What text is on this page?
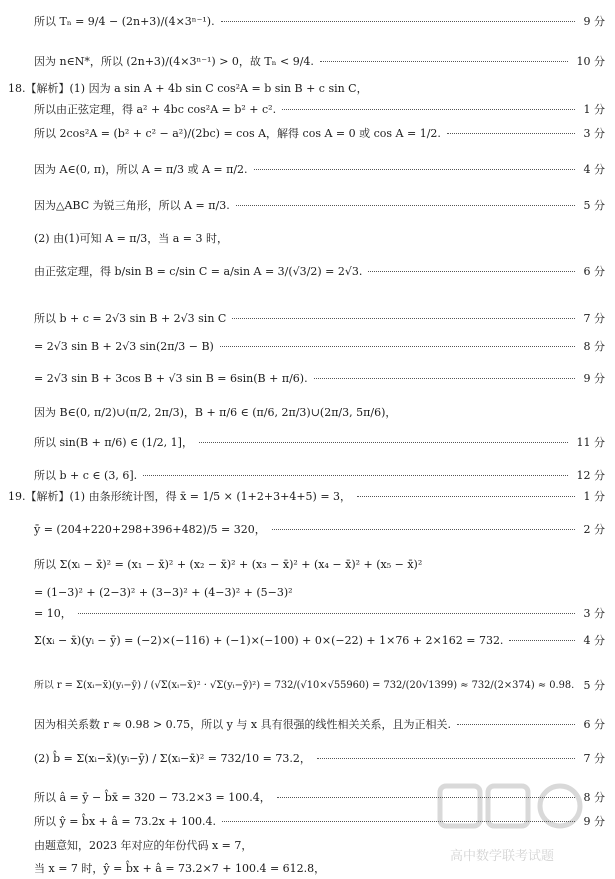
所以 Tₙ = 9/4 − (2n+3)/(4×3ⁿ⁻¹).	9 分
因为 n∈N*，所以 (2n+3)/(4×3ⁿ⁻¹) > 0，故 Tₙ < 9/4.	10 分
18.【解析】(1) 因为 a sin A + 4b sin C cos²A = b sin B + c sin C，
所以由正弦定理，得 a² + 4bc cos²A = b² + c².	1 分
所以 2cos²A = (b² + c² − a²)/(2bc) = cos A，解得 cos A = 0 或 cos A = 1/2.	3 分
因为 A∈(0, π)，所以 A = π/3 或 A = π/2.	4 分
因为△ABC 为锐三角形，所以 A = π/3.	5 分
(2) 由(1)可知 A = π/3，当 a = 3 时，
由正弦定理，得 b/sin B = c/sin C = a/sin A = 3/(√3/2) = 2√3.	6 分
所以 b + c = 2√3 sin B + 2√3 sin C	7 分
= 2√3 sin B + 2√3 sin(2π/3 − B)	8 分
= 2√3 sin B + 3cos B + √3 sin B = 6sin(B + π/6).	9 分
因为 B∈(0, π/2)∪(π/2, 2π/3)，B + π/6 ∈ (π/6, 2π/3)∪(2π/3, 5π/6)，
所以 sin(B + π/6) ∈ (1/2, 1]，	11 分
所以 b + c ∈ (3, 6].	12 分
19.【解析】(1) 由条形统计图，得 x̄ = 1/5 × (1+2+3+4+5) = 3，	1 分
ȳ = (204+220+298+396+482)/5 = 320，	2 分
所以 Σ(xᵢ − x̄)² = (x₁ − x̄)² + (x₂ − x̄)² + (x₃ − x̄)² + (x₄ − x̄)² + (x₅ − x̄)²
= (1−3)² + (2−3)² + (3−3)² + (4−3)² + (5−3)²
= 10，	3 分
Σ(xᵢ − x̄)(yᵢ − ȳ) = (−2)×(−116) + (−1)×(−100) + 0×(−22) + 1×76 + 2×162 = 732.	4 分
所以 r = Σ(xᵢ−x̄)(yᵢ−ȳ) / (√Σ(xᵢ−x̄)² · √Σ(yᵢ−ȳ)²) = 732/(√10×√55960) = 732/(20√1399) ≈ 732/(2×374) ≈ 0.98. 5 分
因为相关系数 r ≈ 0.98 > 0.75，所以 y 与 x 具有很强的线性相关关系，且为正相关.	6 分
(2) b̂ = Σ(xᵢ−x̄)(yᵢ−ȳ) / Σ(xᵢ−x̄)² = 732/10 = 73.2，	7 分
所以 â = ȳ − b̂x̄ = 320 − 73.2×3 = 100.4，	8 分
所以 ŷ = b̂x + â = 73.2x + 100.4.	9 分
由题意知，2023 年对应的年份代码 x = 7，
当 x = 7 时，ŷ = b̂x + â = 73.2×7 + 100.4 = 612.8，
高中数学联考试题
